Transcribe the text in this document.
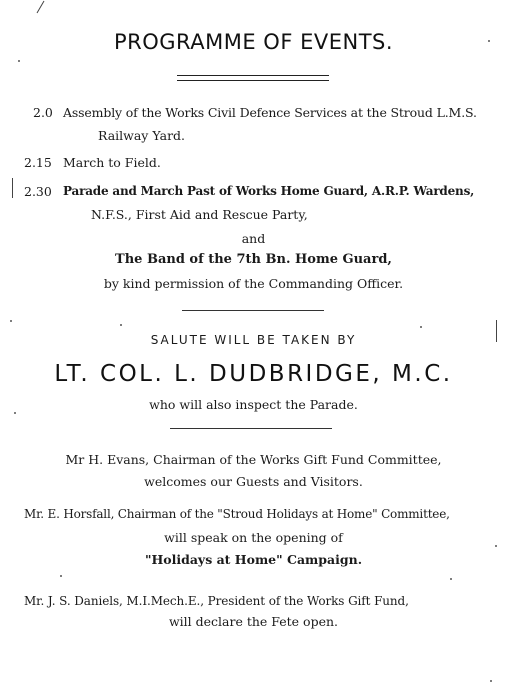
PROGRAMME OF EVENTS.
2.0 Assembly of the Works Civil Defence Services at the Stroud L.M.S.
Railway Yard.
2.15 March to Field.
2.30 Parade and March Past of Works Home Guard, A.R.P. Wardens,
N.F.S., First Aid and Rescue Party,
and
The Band of the 7th Bn. Home Guard,
by kind permission of the Commanding Officer.
SALUTE WILL BE TAKEN BY
LT. COL. L. DUDBRIDGE, M.C.
who will also inspect the Parade.
Mr H. Evans, Chairman of the Works Gift Fund Committee,
welcomes our Guests and Visitors.
Mr. E. Horsfall, Chairman of the "Stroud Holidays at Home" Committee,
will speak on the opening of
"Holidays at Home" Campaign.
Mr. J. S. Daniels, M.I.Mech.E., President of the Works Gift Fund,
will declare the Fete open.
